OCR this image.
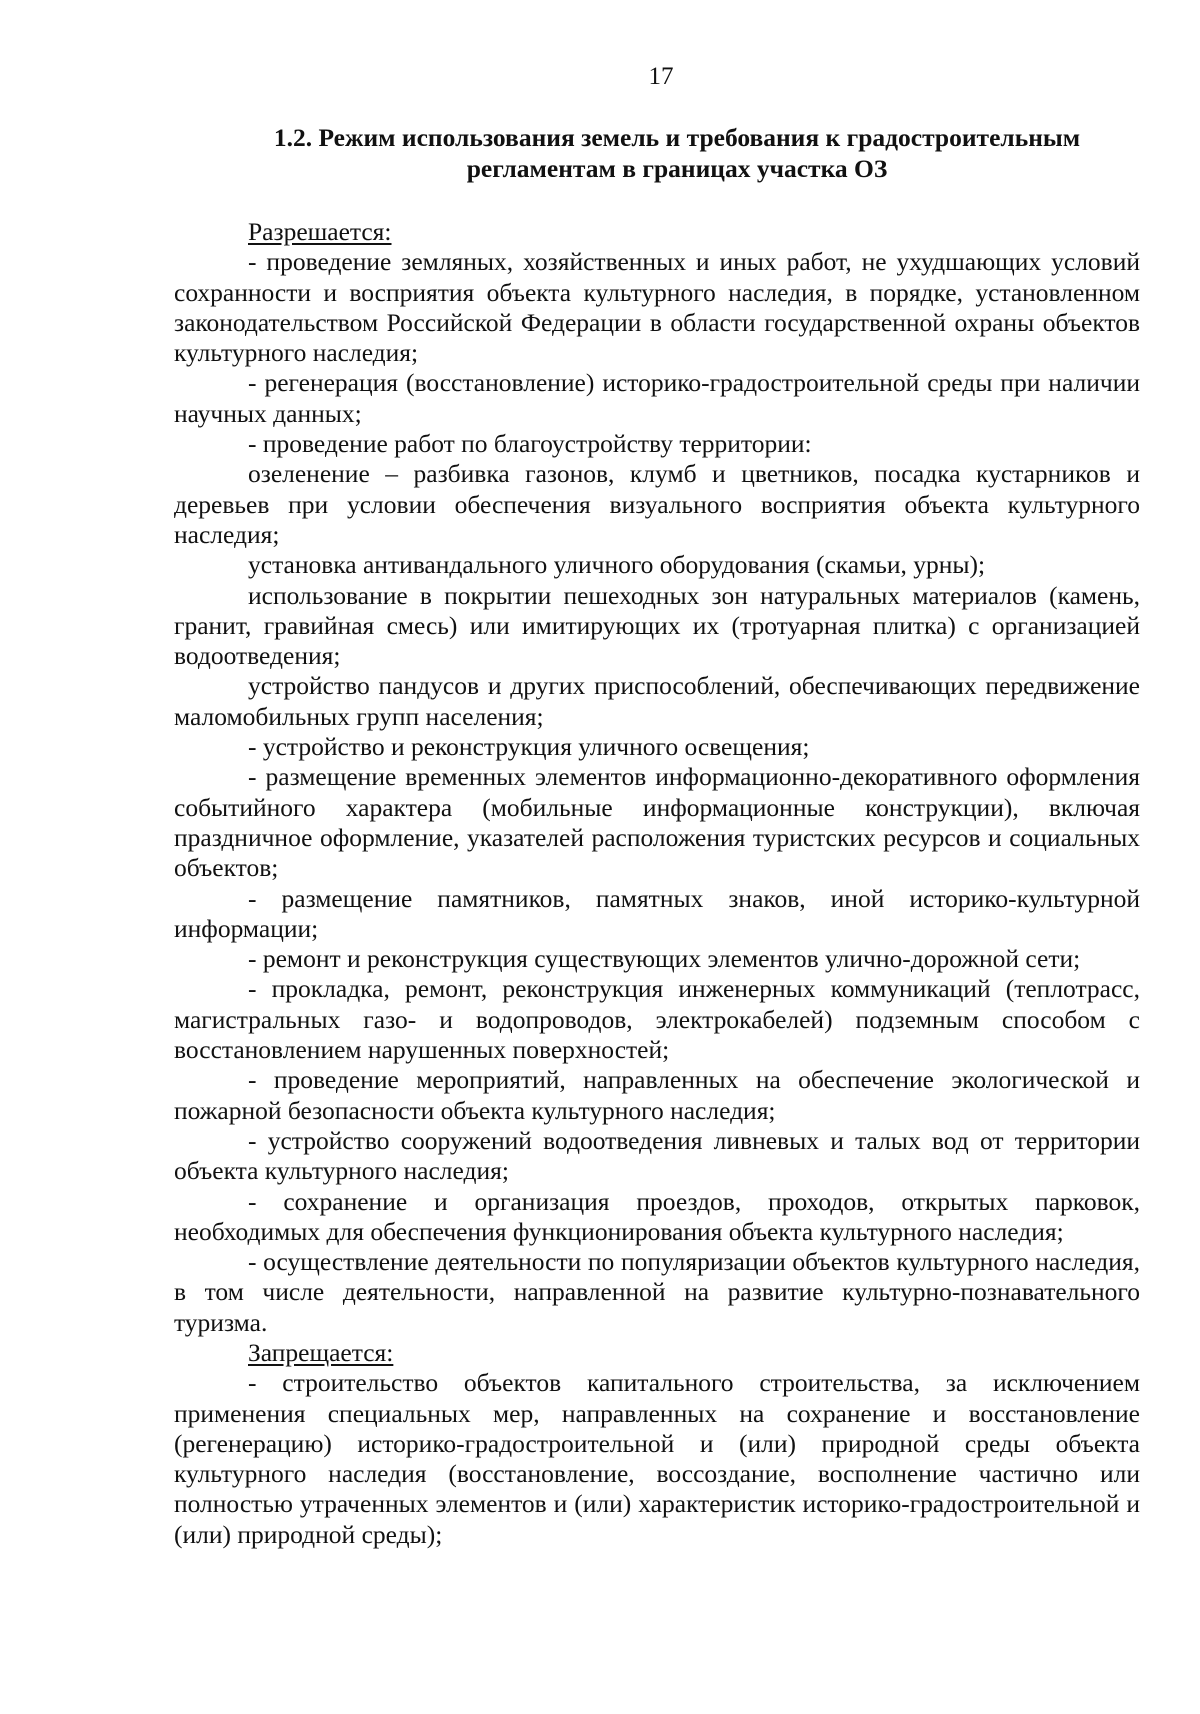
17
1.2. Режим использования земель и требования к градостроительным регламентам в границах участка ОЗ
Разрешается:

- проведение земляных, хозяйственных и иных работ, не ухудшающих условий сохранности и восприятия объекта культурного наследия, в порядке, установленном законодательством Российской Федерации в области государственной охраны объектов культурного наследия;

- регенерация (восстановление) историко-градостроительной среды при наличии научных данных;

- проведение работ по благоустройству территории:

озеленение – разбивка газонов, клумб и цветников, посадка кустарников и деревьев при условии обеспечения визуального восприятия объекта культурного наследия;

установка антивандального уличного оборудования (скамьи, урны);

использование в покрытии пешеходных зон натуральных материалов (камень, гранит, гравийная смесь) или имитирующих их (тротуарная плитка) с организацией водоотведения;

устройство пандусов и других приспособлений, обеспечивающих передвижение маломобильных групп населения;

- устройство и реконструкция уличного освещения;

- размещение временных элементов информационно-декоративного оформления событийного характера (мобильные информационные конструкции), включая праздничное оформление, указателей расположения туристских ресурсов и социальных объектов;

- размещение памятников, памятных знаков, иной историко-культурной информации;

- ремонт и реконструкция существующих элементов улично-дорожной сети;

- прокладка, ремонт, реконструкция инженерных коммуникаций (теплотрасс, магистральных газо- и водопроводов, электрокабелей) подземным способом с восстановлением нарушенных поверхностей;

- проведение мероприятий, направленных на обеспечение экологической и пожарной безопасности объекта культурного наследия;

- устройство сооружений водоотведения ливневых и талых вод от территории объекта культурного наследия;

- сохранение и организация проездов, проходов, открытых парковок, необходимых для обеспечения функционирования объекта культурного наследия;

- осуществление деятельности по популяризации объектов культурного наследия, в том числе деятельности, направленной на развитие культурно-познавательного туризма.

Запрещается:

- строительство объектов капитального строительства, за исключением применения специальных мер, направленных на сохранение и восстановление (регенерацию) историко-градостроительной и (или) природной среды объекта культурного наследия (восстановление, воссоздание, восполнение частично или полностью утраченных элементов и (или) характеристик историко-градостроительной и (или) природной среды);
